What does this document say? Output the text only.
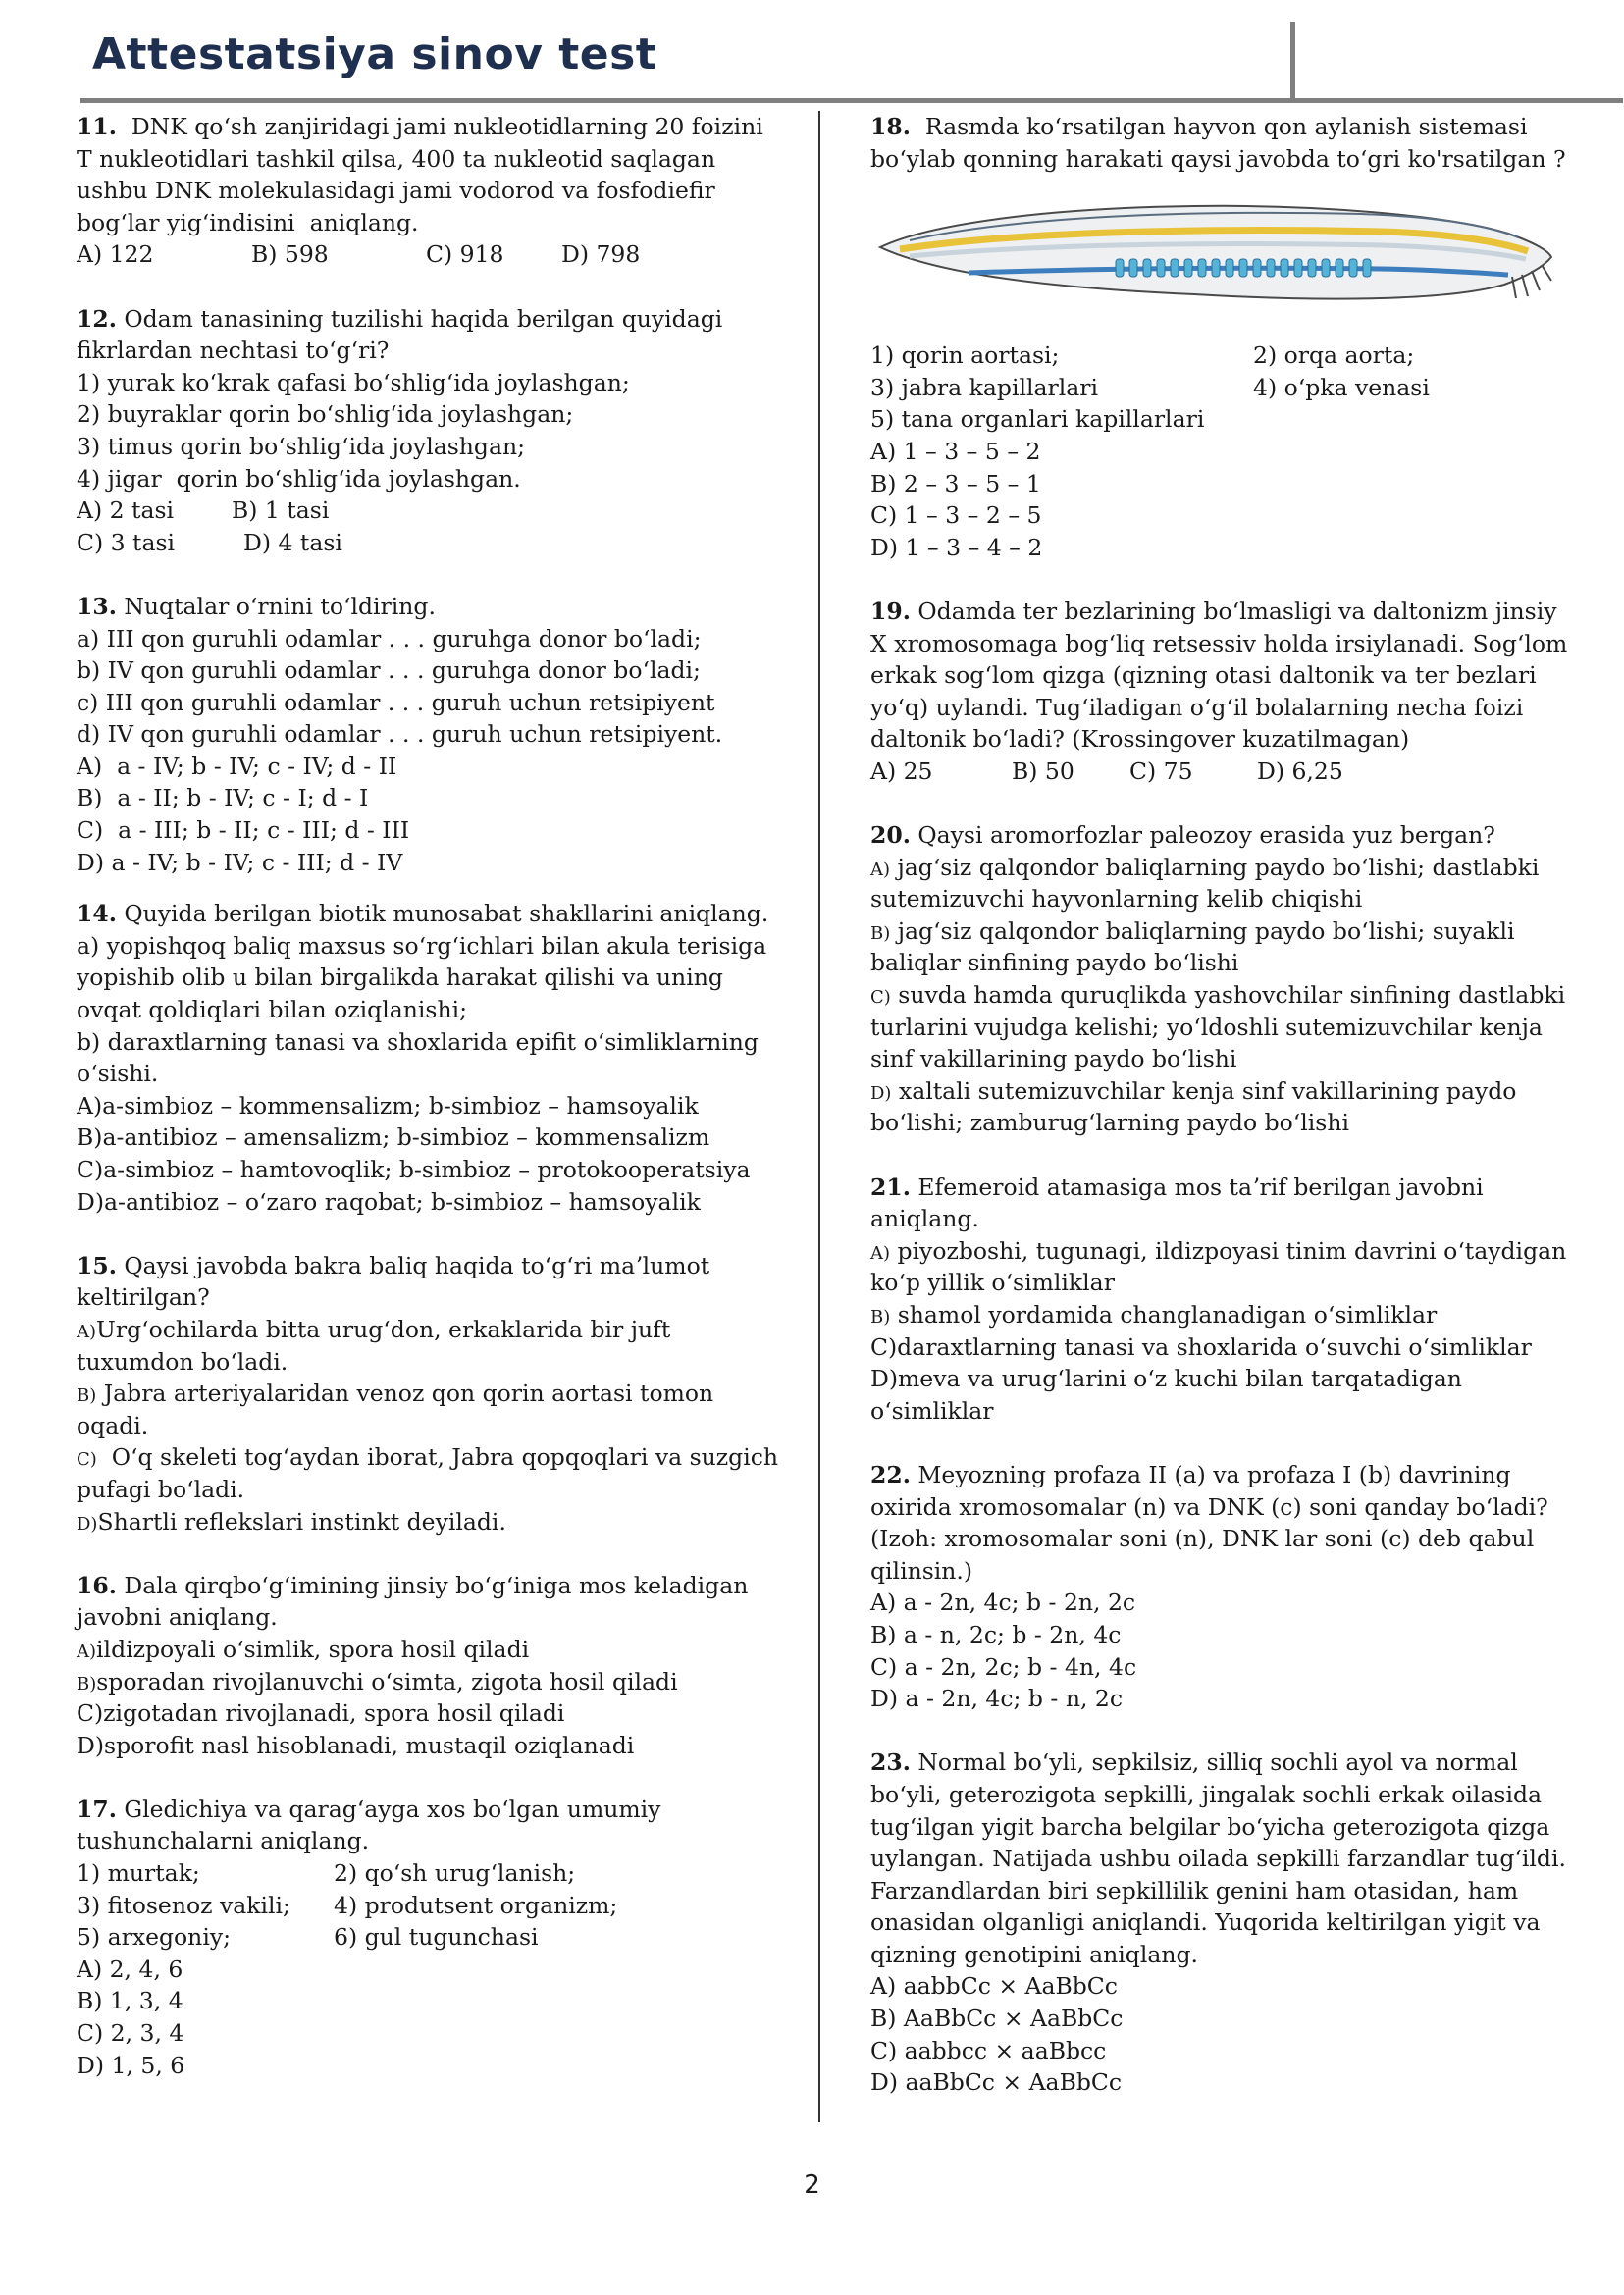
Attestatsiya sinov test
11.  DNK qoʻsh zanjiridagi jami nukleotidlarning 20 foizini
T nukleotidlari tashkil qilsa, 400 ta nukleotid saqlagan
ushbu DNK molekulasidagi jami vodorod va fosfodiefir
bogʻlar yigʻindisini  aniqlang.
A) 122	B) 598	C) 918	D) 798
12. Odam tanasining tuzilishi haqida berilgan quyidagi
fikrlardan nechtasi toʻgʻri?
1) yurak koʻkrak qafasi boʻshligʻida joylashgan;
2) buyraklar qorin boʻshligʻida joylashgan;
3) timus qorin boʻshligʻida joylashgan;
4) jigar  qorin boʻshligʻida joylashgan.
A) 2 tasi	B) 1 tasi
C) 3 tasi	D) 4 tasi
13. Nuqtalar oʻrnini toʻldiring.
a) III qon guruhli odamlar . . . guruhga donor boʻladi;
b) IV qon guruhli odamlar . . . guruhga donor boʻladi;
c) III qon guruhli odamlar . . . guruh uchun retsipiyent
d) IV qon guruhli odamlar . . . guruh uchun retsipiyent.
A)  a - IV; b - IV; c - IV; d - II
B)  a - II; b - IV; c - I; d - I
C)  a - III; b - II; c - III; d - III
D) a - IV; b - IV; c - III; d - IV
14. Quyida berilgan biotik munosabat shakllarini aniqlang.
a) yopishqoq baliq maxsus soʻrgʻichlari bilan akula terisiga
yopishib olib u bilan birgalikda harakat qilishi va uning
ovqat qoldiqlari bilan oziqlanishi;
b) daraxtlarning tanasi va shoxlarida epifit oʻsimliklarning
oʻsishi.
A)a-simbioz – kommensalizm; b-simbioz – hamsoyalik
B)a-antibioz – amensalizm; b-simbioz – kommensalizm
C)a-simbioz – hamtovoqlik; b-simbioz – protokooperatsiya
D)a-antibioz – oʻzaro raqobat; b-simbioz – hamsoyalik
15. Qaysi javobda bakra baliq haqida toʻgʻri maʼlumot
keltirilgan?
A)Urgʻochilarda bitta urugʻdon, erkaklarida bir juft
tuxumdon boʻladi.
B) Jabra arteriyalaridan venoz qon qorin aortasi tomon
oqadi.
C)  Oʻq skeleti togʻaydan iborat, Jabra qopqoqlari va suzgich
pufagi boʻladi.
D)Shartli reflekslari instinkt deyiladi.
16. Dala qirqboʻgʻimining jinsiy boʻgʻiniga mos keladigan
javobni aniqlang.
A)ildizpoyali oʻsimlik, spora hosil qiladi
B)sporadan rivojlanuvchi oʻsimta, zigota hosil qiladi
C)zigotadan rivojlanadi, spora hosil qiladi
D)sporofit nasl hisoblanadi, mustaqil oziqlanadi
17. Gledichiya va qaragʻayga xos boʻlgan umumiy
tushunchalarni aniqlang.
1) murtak;	2) qoʻsh urugʻlanish;
3) fitosenoz vakili;	4) produtsent organizm;
5) arxegoniy;	6) gul tugunchasi
A) 2, 4, 6
B) 1, 3, 4
C) 2, 3, 4
D) 1, 5, 6
18.  Rasmda koʻrsatilgan hayvon qon aylanish sistemasi
boʻylab qonning harakati qaysi javobda toʻgri ko'rsatilgan ?
1) qorin aortasi;	2) orqa aorta;
3) jabra kapillarlari	4) oʻpka venasi
5) tana organlari kapillarlari
A) 1 – 3 – 5 – 2
B) 2 – 3 – 5 – 1
C) 1 – 3 – 2 – 5
D) 1 – 3 – 4 – 2
19. Odamda ter bezlarining boʻlmasligi va daltonizm jinsiy
X xromosomaga bogʻliq retsessiv holda irsiylanadi. Sogʻlom
erkak sogʻlom qizga (qizning otasi daltonik va ter bezlari
yoʻq) uylandi. Tugʻiladigan oʻgʻil bolalarning necha foizi
daltonik boʻladi? (Krossingover kuzatilmagan)
A) 25	B) 50	C) 75	D) 6,25
20. Qaysi aromorfozlar paleozoy erasida yuz bergan?
A) jagʻsiz qalqondor baliqlarning paydo boʻlishi; dastlabki
sutemizuvchi hayvonlarning kelib chiqishi
B) jagʻsiz qalqondor baliqlarning paydo boʻlishi; suyakli
baliqlar sinfining paydo boʻlishi
C) suvda hamda quruqlikda yashovchilar sinfining dastlabki
turlarini vujudga kelishi; yoʻldoshli sutemizuvchilar kenja
sinf vakillarining paydo boʻlishi
D) xaltali sutemizuvchilar kenja sinf vakillarining paydo
boʻlishi; zamburugʻlarning paydo boʻlishi
21. Efemeroid atamasiga mos taʼrif berilgan javobni
aniqlang.
A) piyozboshi, tugunagi, ildizpoyasi tinim davrini oʻtaydigan
koʻp yillik oʻsimliklar
B) shamol yordamida changlanadigan oʻsimliklar
C)daraxtlarning tanasi va shoxlarida oʻsuvchi oʻsimliklar
D)meva va urugʻlarini oʻz kuchi bilan tarqatadigan
oʻsimliklar
22. Meyozning profaza II (a) va profaza I (b) davrining
oxirida xromosomalar (n) va DNK (c) soni qanday boʻladi?
(Izoh: xromosomalar soni (n), DNK lar soni (c) deb qabul
qilinsin.)
A) a - 2n, 4c; b - 2n, 2c
B) a - n, 2c; b - 2n, 4c
C) a - 2n, 2c; b - 4n, 4c
D) a - 2n, 4c; b - n, 2c
23. Normal boʻyli, sepkilsiz, silliq sochli ayol va normal
boʻyli, geterozigota sepkilli, jingalak sochli erkak oilasida
tugʻilgan yigit barcha belgilar boʻyicha geterozigota qizga
uylangan. Natijada ushbu oilada sepkilli farzandlar tugʻildi.
Farzandlardan biri sepkillilik genini ham otasidan, ham
onasidan olganligi aniqlandi. Yuqorida keltirilgan yigit va
qizning genotipini aniqlang.
A) aabbCc × AaBbCc
B) AaBbCc × AaBbCc
C) aabbcc × aaBbcc
D) aaBbCc × AaBbCc
2
